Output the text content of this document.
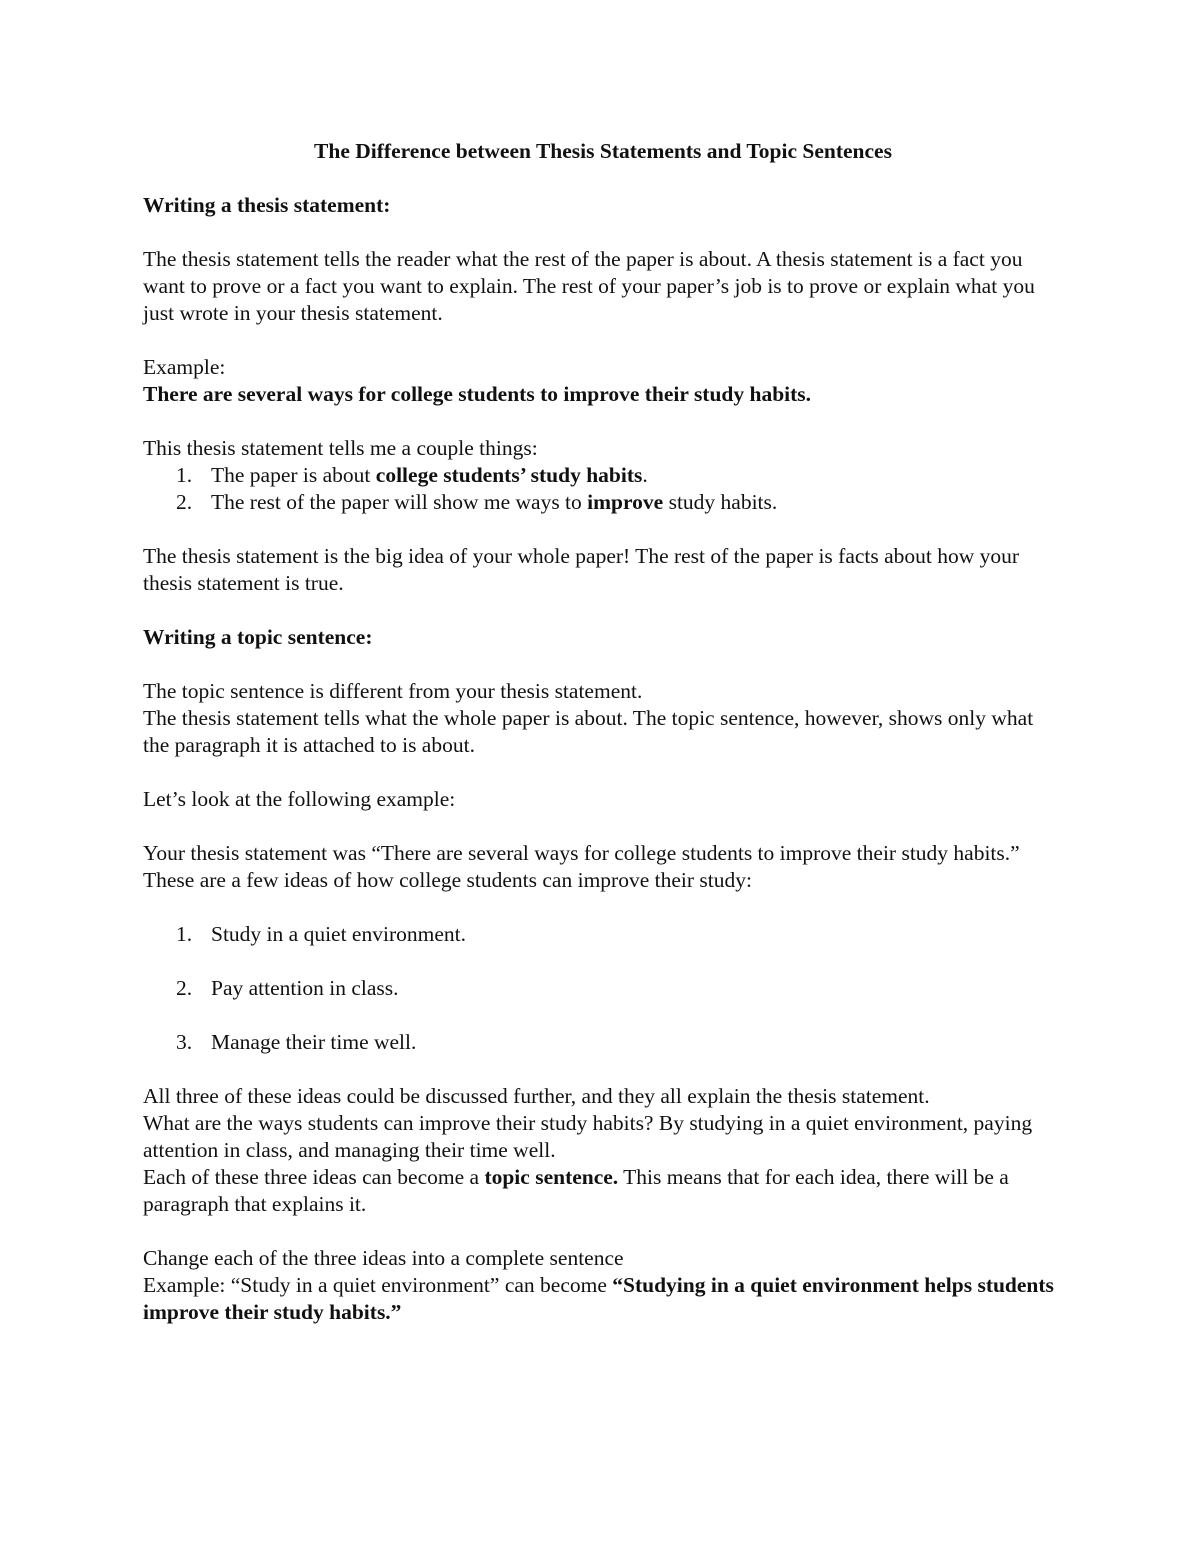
The Difference between Thesis Statements and Topic Sentences

Writing a thesis statement:

The thesis statement tells the reader what the rest of the paper is about. A thesis statement is a fact you want to prove or a fact you want to explain. The rest of your paper’s job is to prove or explain what you just wrote in your thesis statement.

Example:

There are several ways for college students to improve their study habits.

This thesis statement tells me a couple things:

1. The paper is about college students’ study habits.
2. The rest of the paper will show me ways to improve study habits.

The thesis statement is the big idea of your whole paper! The rest of the paper is facts about how your thesis statement is true.

Writing a topic sentence:

The topic sentence is different from your thesis statement.

The thesis statement tells what the whole paper is about. The topic sentence, however, shows only what the paragraph it is attached to is about.

Let’s look at the following example:

Your thesis statement was “There are several ways for college students to improve their study habits.”

These are a few ideas of how college students can improve their study:

1. Study in a quiet environment.
2. Pay attention in class.
3. Manage their time well.

All three of these ideas could be discussed further, and they all explain the thesis statement.

What are the ways students can improve their study habits? By studying in a quiet environment, paying attention in class, and managing their time well.

Each of these three ideas can become a topic sentence. This means that for each idea, there will be a paragraph that explains it.

Change each of the three ideas into a complete sentence

Example: “Study in a quiet environment” can become “Studying in a quiet environment helps students improve their study habits.”
